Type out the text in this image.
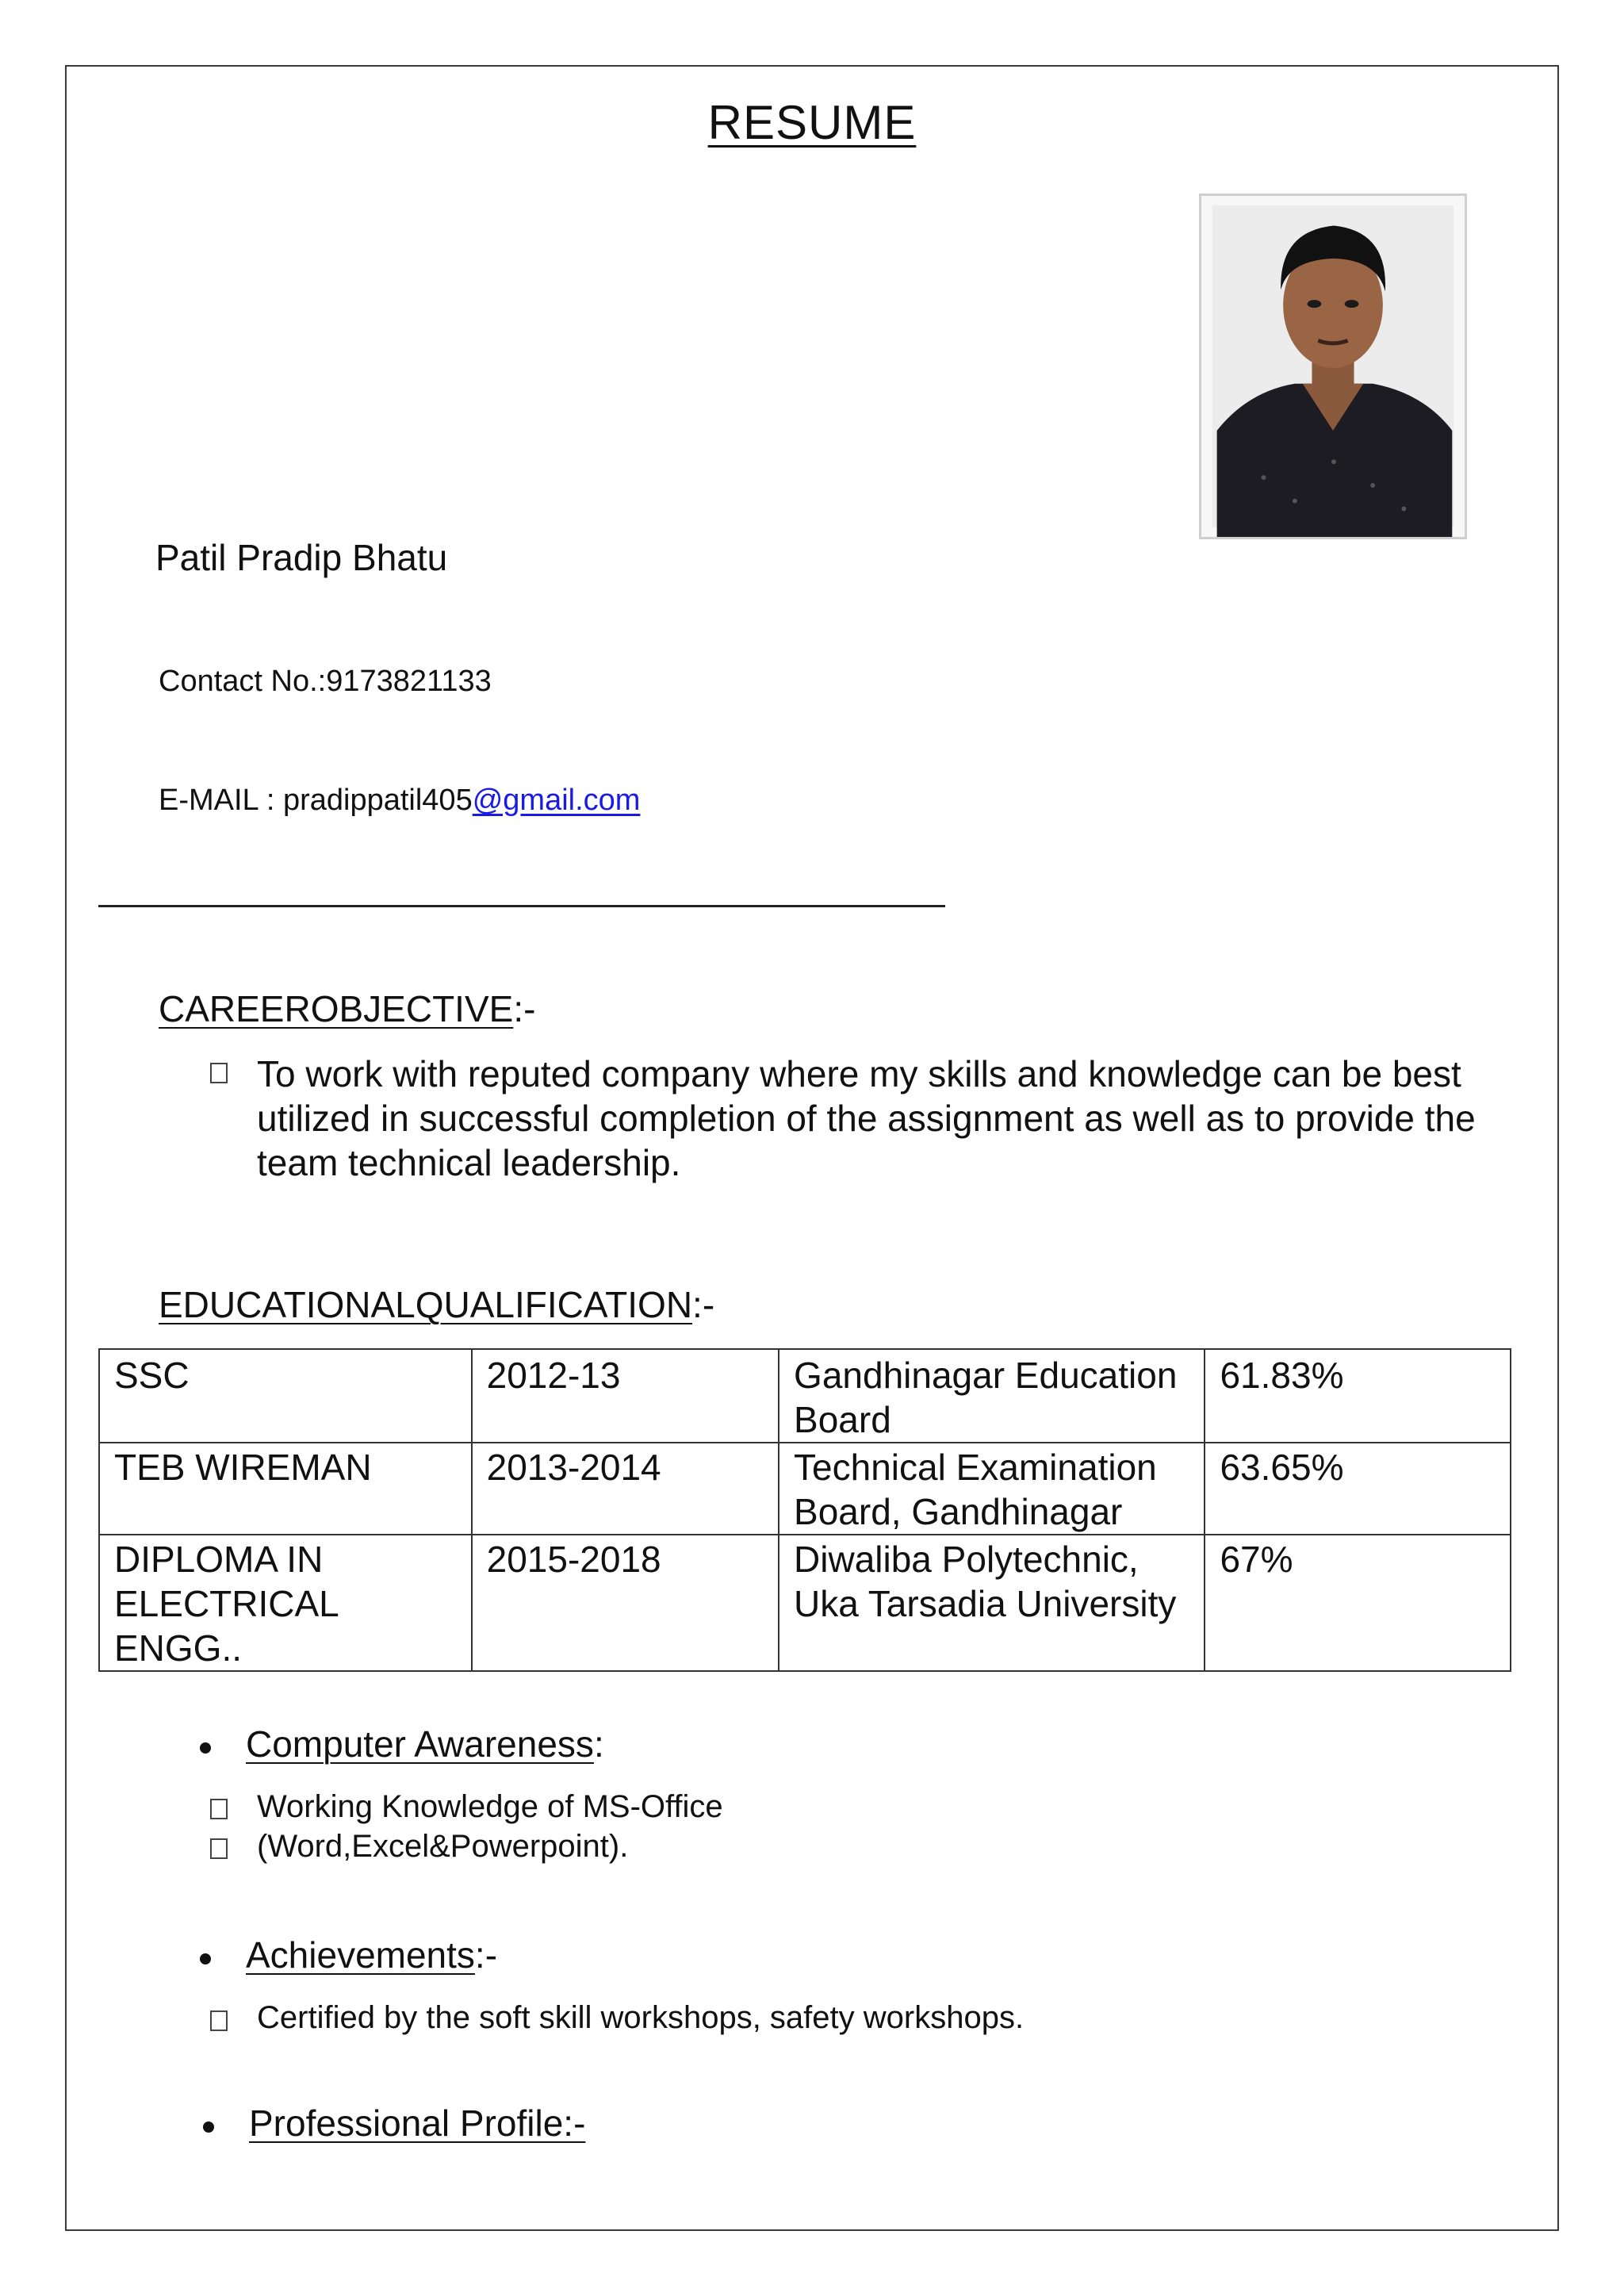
RESUME
Patil Pradip Bhatu
Contact No.:9173821133
E-MAIL : pradippatil405@gmail.com
CAREEROBJECTIVE:-
To work with reputed company where my skills and knowledge can be best utilized in successful completion of the assignment as well as to provide the team technical leadership.
EDUCATIONALQUALIFICATION:-
SSC	2012-13	Gandhinagar Education Board	61.83%
TEB WIREMAN	2013-2014	Technical Examination Board, Gandhinagar	63.65%
DIPLOMA IN ELECTRICAL ENGG..	2015-2018	Diwaliba Polytechnic, Uka Tarsadia University	67%
Computer Awareness:
Working Knowledge of MS-Office
(Word,Excel&Powerpoint).
Achievements:-
Certified by the soft skill workshops, safety workshops.
Professional Profile:-
